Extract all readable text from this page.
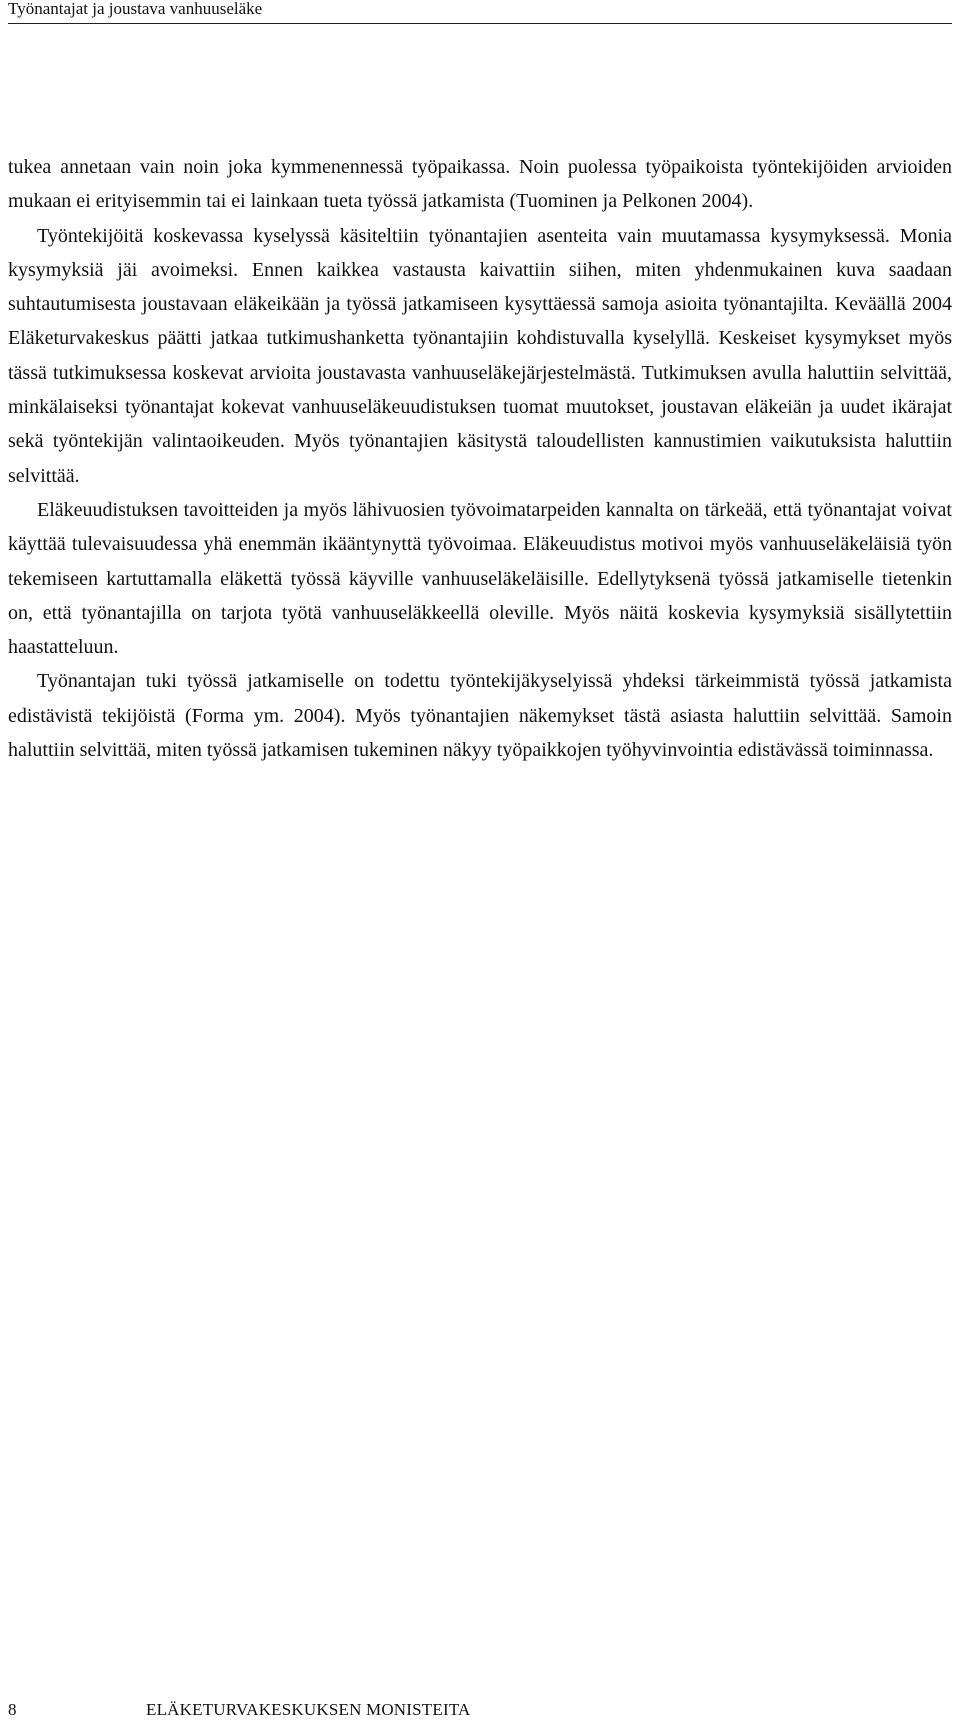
Työnantajat ja joustava vanhuuseläke

tukea annetaan vain noin joka kymmenennessä työpaikassa. Noin puolessa työpaikoista työntekijöiden arvioiden mukaan ei erityisemmin tai ei lainkaan tueta työssä jatkamista (Tuominen ja Pelkonen 2004).

Työntekijöitä koskevassa kyselyssä käsiteltiin työnantajien asenteita vain muutamassa kysymyksessä. Monia kysymyksiä jäi avoimeksi. Ennen kaikkea vastausta kaivattiin siihen, miten yhdenmukainen kuva saadaan suhtautumisesta joustavaan eläkeikään ja työssä jatkamiseen kysyttäessä samoja asioita työnantajilta. Keväällä 2004 Eläketurvakeskus päätti jatkaa tutkimushanketta työnantajiin kohdistuvalla kyselyllä. Keskeiset kysymykset myös tässä tutkimuksessa koskevat arvioita joustavasta vanhuuseläkejärjestelmästä. Tutkimuksen avulla haluttiin selvittää, minkälaiseksi työnantajat kokevat vanhuuseläkeuudistuksen tuomat muutokset, joustavan eläkeiän ja uudet ikärajat sekä työntekijän valintaoikeuden. Myös työnantajien käsitystä taloudellisten kannustimien vaikutuksista haluttiin selvittää.

Eläkeuudistuksen tavoitteiden ja myös lähivuosien työvoimatarpeiden kannalta on tärkeää, että työnantajat voivat käyttää tulevaisuudessa yhä enemmän ikääntynyttä työvoimaa. Eläkeuudistus motivoi myös vanhuuseläkeläisiä työn tekemiseen kartuttamalla eläkettä työssä käyville vanhuuseläkeläisille. Edellytyksenä työssä jatkamiselle tietenkin on, että työnantajilla on tarjota työtä vanhuuseläkkeellä oleville. Myös näitä koskevia kysymyksiä sisällytettiin haastatteluun.

Työnantajan tuki työssä jatkamiselle on todettu työntekijäkyselyissä yhdeksi tärkeimmistä työssä jatkamista edistävistä tekijöistä (Forma ym. 2004). Myös työnantajien näkemykset tästä asiasta haluttiin selvittää. Samoin haluttiin selvittää, miten työssä jatkamisen tukeminen näkyy työpaikkojen työhyvinvointia edistävässä toiminnassa.

8	ELÄKETURVAKESKUKSEN MONISTEITA
